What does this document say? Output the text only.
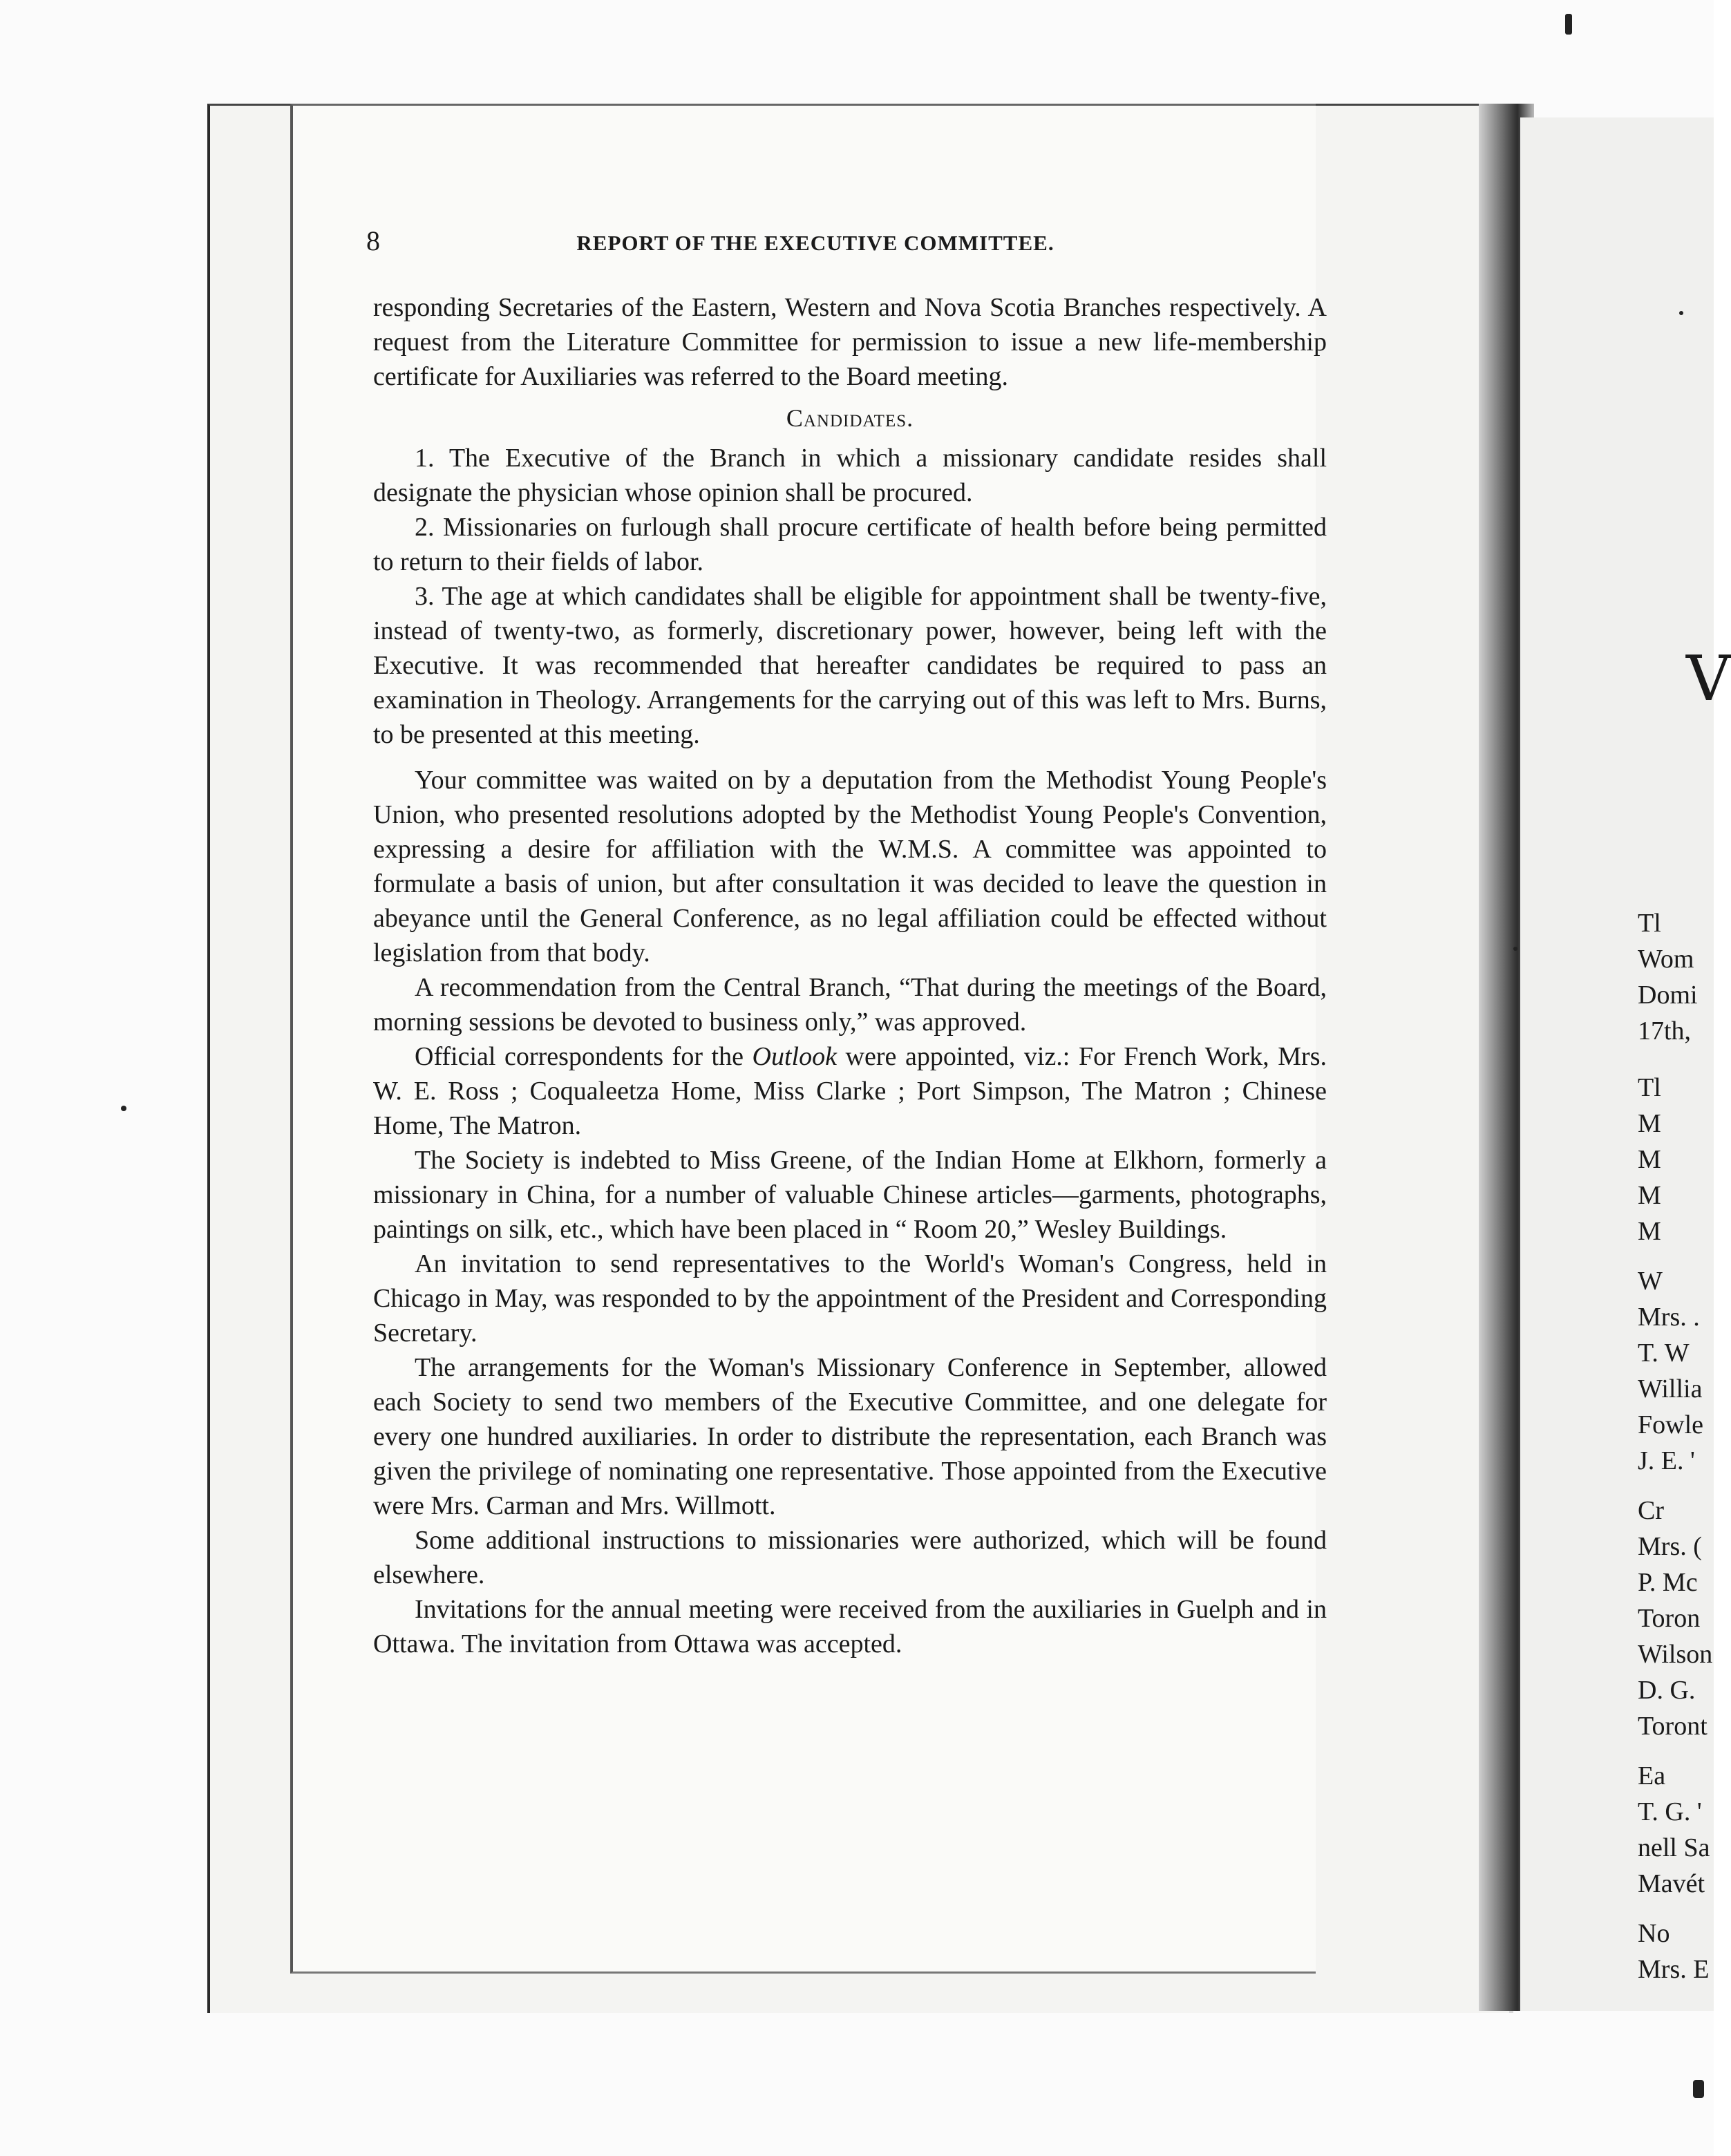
8	REPORT OF THE EXECUTIVE COMMITTEE.

responding Secretaries of the Eastern, Western and Nova Scotia Branches respectively. A request from the Literature Committee for permission to issue a new life-membership certificate for Auxiliaries was referred to the Board meeting.

Candidates.

1. The Executive of the Branch in which a missionary candidate resides shall designate the physician whose opinion shall be procured.

2. Missionaries on furlough shall procure certificate of health before being permitted to return to their fields of labor.

3. The age at which candidates shall be eligible for appointment shall be twenty-five, instead of twenty-two, as formerly, discretionary power, however, being left with the Executive. It was recommended that hereafter candidates be required to pass an examination in Theology. Arrangements for the carrying out of this was left to Mrs. Burns, to be presented at this meeting.

Your committee was waited on by a deputation from the Methodist Young People's Union, who presented resolutions adopted by the Methodist Young People's Convention, expressing a desire for affiliation with the W.M.S. A committee was appointed to formulate a basis of union, but after consultation it was decided to leave the question in abeyance until the General Conference, as no legal affiliation could be effected without legislation from that body.

A recommendation from the Central Branch, “That during the meetings of the Board, morning sessions be devoted to business only,” was approved.

Official correspondents for the Outlook were appointed, viz.: For French Work, Mrs. W. E. Ross ; Coqualeetza Home, Miss Clarke ; Port Simpson, The Matron ; Chinese Home, The Matron.

The Society is indebted to Miss Greene, of the Indian Home at Elkhorn, formerly a missionary in China, for a number of valuable Chinese articles—garments, photographs, paintings on silk, etc., which have been placed in “ Room 20,” Wesley Buildings.

An invitation to send representatives to the World's Woman's Congress, held in Chicago in May, was responded to by the appointment of the President and Corresponding Secretary.

The arrangements for the Woman's Missionary Conference in September, allowed each Society to send two members of the Executive Committee, and one delegate for every one hundred auxiliaries. In order to distribute the representation, each Branch was given the privilege of nominating one representative. Those appointed from the Executive were Mrs. Carman and Mrs. Willmott.

Some additional instructions to missionaries were authorized, which will be found elsewhere.

Invitations for the annual meeting were received from the auxiliaries in Guelph and in Ottawa. The invitation from Ottawa was accepted.

V
Tl
Wom
Domi
17th,
Tl
M
M
M
M
W
Mrs. .
T. W
Willia
Fowle
J. E. '
Cr
Mrs. (
P. Mc
Toron
Wilson
D. G.
Toront
Ea
T. G. '
nell Sa
Mavét
No
Mrs. E
